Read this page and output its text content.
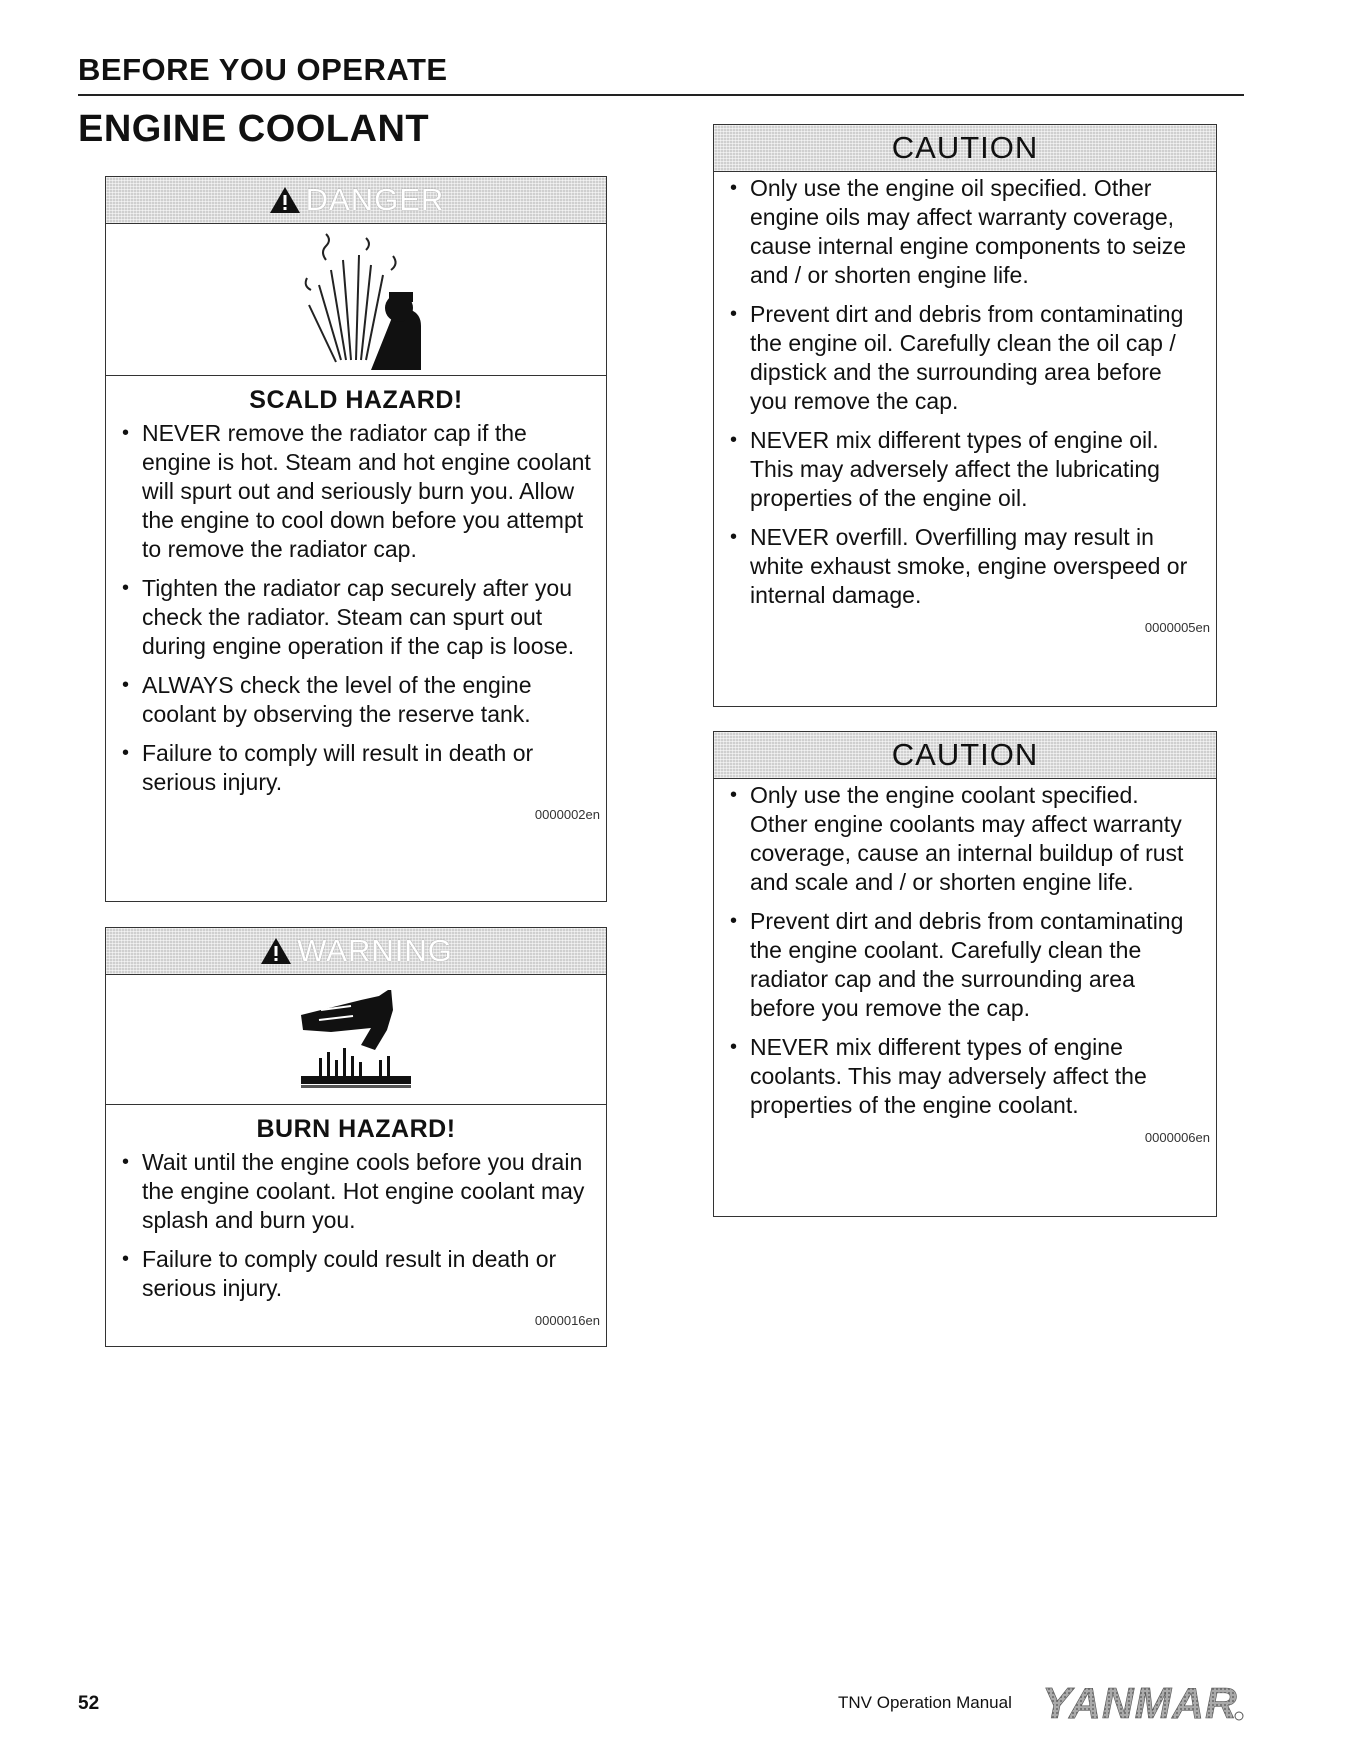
BEFORE YOU OPERATE
ENGINE COOLANT
DANGER
SCALD HAZARD!
• NEVER remove the radiator cap if the engine is hot. Steam and hot engine coolant will spurt out and seriously burn you. Allow the engine to cool down before you attempt to remove the radiator cap.
• Tighten the radiator cap securely after you check the radiator. Steam can spurt out during engine operation if the cap is loose.
• ALWAYS check the level of the engine coolant by observing the reserve tank.
• Failure to comply will result in death or serious injury.
0000002en
WARNING
BURN HAZARD!
• Wait until the engine cools before you drain the engine coolant. Hot engine coolant may splash and burn you.
• Failure to comply could result in death or serious injury.
0000016en
CAUTION
• Only use the engine oil specified. Other engine oils may affect warranty coverage, cause internal engine components to seize and / or shorten engine life.
• Prevent dirt and debris from contaminating the engine oil. Carefully clean the oil cap / dipstick and the surrounding area before you remove the cap.
• NEVER mix different types of engine oil. This may adversely affect the lubricating properties of the engine oil.
• NEVER overfill. Overfilling may result in white exhaust smoke, engine overspeed or internal damage.
0000005en
CAUTION
• Only use the engine coolant specified. Other engine coolants may affect warranty coverage, cause an internal buildup of rust and scale and / or shorten engine life.
• Prevent dirt and debris from contaminating the engine coolant. Carefully clean the radiator cap and the surrounding area before you remove the cap.
• NEVER mix different types of engine coolants. This may adversely affect the properties of the engine coolant.
0000006en
52	TNV Operation Manual YANMAR
